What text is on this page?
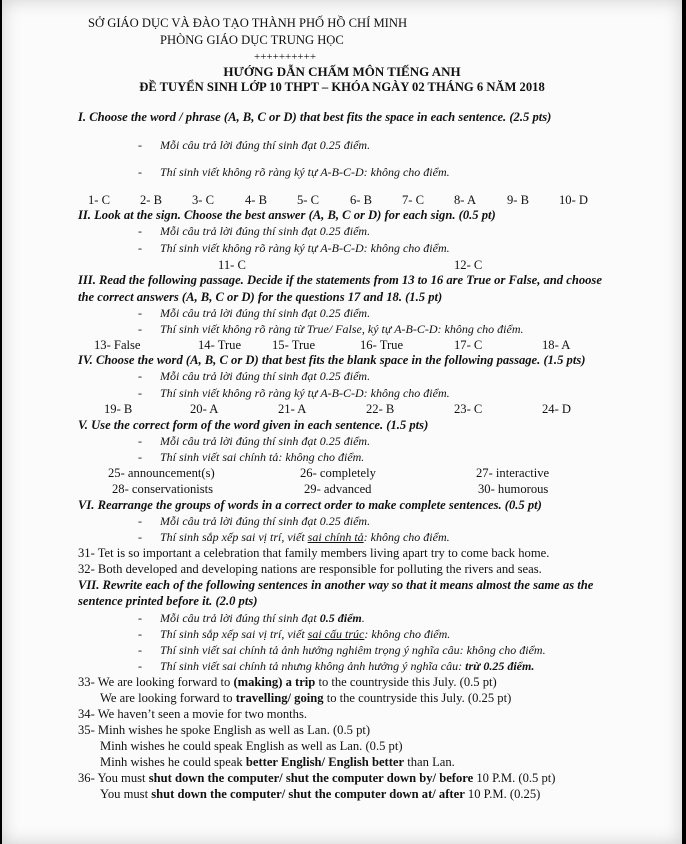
SỞ GIÁO DỤC VÀ ĐÀO TẠO THÀNH PHỐ HỒ CHÍ MINH
PHÒNG GIÁO DỤC TRUNG HỌC
++++++++++
HƯỚNG DẪN CHẤM MÔN TIẾNG ANH
ĐỀ TUYỂN SINH LỚP 10 THPT – KHÓA NGÀY 02 THÁNG 6 NĂM 2018
I. Choose the word / phrase (A, B, C or D) that best fits the space in each sentence. (2.5 pts)
- Mỗi câu trả lời đúng thí sinh đạt 0.25 điểm.
- Thí sinh viết không rõ ràng ký tự A-B-C-D: không cho điểm.
1- C 2- B 3- C 4- B 5- C 6- B 7- C 8- A 9- B 10- D
II. Look at the sign. Choose the best answer (A, B, C or D) for each sign. (0.5 pt)
- Mỗi câu trả lời đúng thí sinh đạt 0.25 điểm.
- Thí sinh viết không rõ ràng ký tự A-B-C-D: không cho điểm.
11- C	12- C
III. Read the following passage. Decide if the statements from 13 to 16 are True or False, and choose
the correct answers (A, B, C or D) for the questions 17 and 18. (1.5 pt)
- Mỗi câu trả lời đúng thí sinh đạt 0.25 điểm.
- Thí sinh viết không rõ ràng từ True/ False, ký tự A-B-C-D: không cho điểm.
13- False	14- True 15- True	16- True	17- C	18- A
IV. Choose the word (A, B, C or D) that best fits the blank space in the following passage. (1.5 pts)
- Mỗi câu trả lời đúng thí sinh đạt 0.25 điểm.
- Thí sinh viết không rõ ràng ký tự A-B-C-D: không cho điểm.
19- B	20- A	21- A	22- B	23- C	24- D
V. Use the correct form of the word given in each sentence. (1.5 pts)
- Mỗi câu trả lời đúng thí sinh đạt 0.25 điểm.
- Thí sinh viết sai chính tả: không cho điểm.
25- announcement(s)	26- completely	27- interactive
28- conservationists	29- advanced	30- humorous
VI. Rearrange the groups of words in a correct order to make complete sentences. (0.5 pt)
- Mỗi câu trả lời đúng thí sinh đạt 0.25 điểm.
- Thí sinh sắp xếp sai vị trí, viết sai chính tả: không cho điểm.
31- Tet is so important a celebration that family members living apart try to come back home.
32- Both developed and developing nations are responsible for polluting the rivers and seas.
VII. Rewrite each of the following sentences in another way so that it means almost the same as the
sentence printed before it. (2.0 pts)
- Mỗi câu trả lời đúng thí sinh đạt 0.5 điểm.
- Thí sinh sắp xếp sai vị trí, viết sai cấu trúc: không cho điểm.
- Thí sinh viết sai chính tả ảnh hưởng nghiêm trọng ý nghĩa câu: không cho điểm.
- Thí sinh viết sai chính tả nhưng không ảnh hưởng ý nghĩa câu: trừ 0.25 điểm.
33- We are looking forward to (making) a trip to the countryside this July. (0.5 pt)
We are looking forward to travelling/ going to the countryside this July. (0.25 pt)
34- We haven’t seen a movie for two months.
35- Minh wishes he spoke English as well as Lan. (0.5 pt)
Minh wishes he could speak English as well as Lan. (0.5 pt)
Minh wishes he could speak better English/ English better than Lan.
36- You must shut down the computer/ shut the computer down by/ before 10 P.M. (0.5 pt)
You must shut down the computer/ shut the computer down at/ after 10 P.M. (0.25)
